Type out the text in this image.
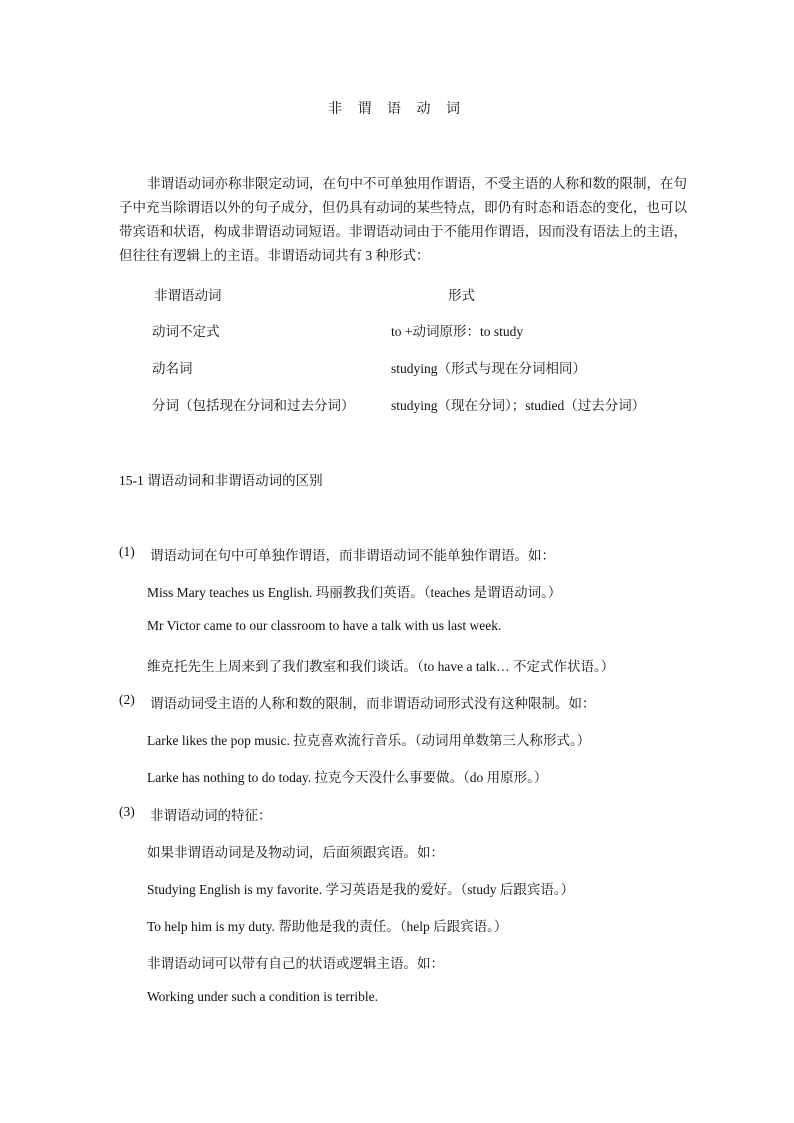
非 谓 语 动 词
非谓语动词亦称非限定动词，在句中不可单独用作谓语，不受主语的人称和数的限制，在句子中充当除谓语以外的句子成分，但仍具有动词的某些特点，即仍有时态和语态的变化，也可以带宾语和状语，构成非谓语动词短语。非谓语动词由于不能用作谓语，因而没有语法上的主语，但往往有逻辑上的主语。非谓语动词共有 3 种形式：
非谓语动词	形式
动词不定式	to +动词原形：to study
动名词	studying（形式与现在分词相同）
分词（包括现在分词和过去分词）	studying（现在分词）；studied（过去分词）
15-1 谓语动词和非谓语动词的区别
(1) 谓语动词在句中可单独作谓语，而非谓语动词不能单独作谓语。如：
Miss Mary teaches us English. 玛丽教我们英语。（teaches 是谓语动词。）
Mr Victor came to our classroom to have a talk with us last week.
维克托先生上周来到了我们教室和我们谈话。（to have a talk… 不定式作状语。）
(2) 谓语动词受主语的人称和数的限制，而非谓语动词形式没有这种限制。如：
Larke likes the pop music. 拉克喜欢流行音乐。（动词用单数第三人称形式。）
Larke has nothing to do today. 拉克今天没什么事要做。（do 用原形。）
(3) 非谓语动词的特征：
如果非谓语动词是及物动词，后面须跟宾语。如：
Studying English is my favorite. 学习英语是我的爱好。（study 后跟宾语。）
To help him is my duty. 帮助他是我的责任。（help 后跟宾语。）
非谓语动词可以带有自己的状语或逻辑主语。如：
Working under such a condition is terrible.
